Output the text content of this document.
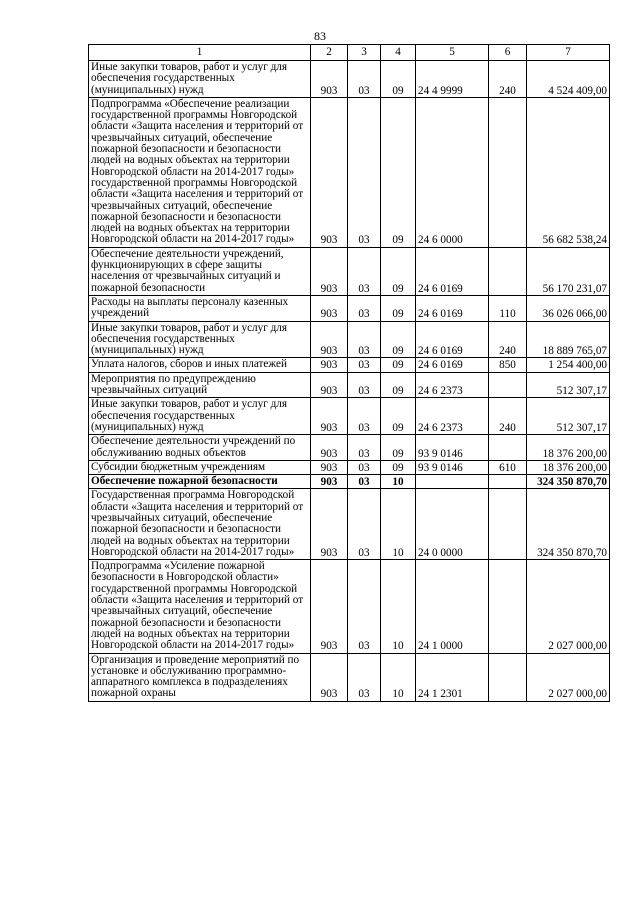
83
1	2	3	4	5	6	7

Иные закупки товаров, работ и услуг для обеспечения государственных (муниципальных) нужд	903	03	09	24 4 9999	240	4 524 409,00

Подпрограмма «Обеспечение реализации государственной программы Новгородской области «Защита населения и территорий от чрезвычайных ситуаций, обеспечение пожарной безопасности и безопасности людей на водных объектах на территории Новгородской области на 2014-2017 годы» государственной программы Новгородской области «Защита населения и территорий от чрезвычайных ситуаций, обеспечение пожарной безопасности и безопасности людей на водных объектах на территории Новгородской области на 2014-2017 годы»	903	03	09	24 6 0000		56 682 538,24

Обеспечение деятельности учреждений, функционирующих в сфере защиты населения от чрезвычайных ситуаций и пожарной безопасности	903	03	09	24 6 0169		56 170 231,07

Расходы на выплаты персоналу казенных учреждений	903	03	09	24 6 0169	110	36 026 066,00

Иные закупки товаров, работ и услуг для обеспечения государственных (муниципальных) нужд	903	03	09	24 6 0169	240	18 889 765,07

Уплата налогов, сборов и иных платежей	903	03	09	24 6 0169	850	1 254 400,00

Мероприятия по предупреждению чрезвычайных ситуаций	903	03	09	24 6 2373		512 307,17

Иные закупки товаров, работ и услуг для обеспечения государственных (муниципальных) нужд	903	03	09	24 6 2373	240	512 307,17

Обеспечение деятельности учреждений по обслуживанию водных объектов	903	03	09	93 9 0146		18 376 200,00

Субсидии бюджетным учреждениям	903	03	09	93 9 0146	610	18 376 200,00

Обеспечение пожарной безопасности	903	03	10			324 350 870,70

Государственная программа Новгородской области «Защита населения и территорий от чрезвычайных ситуаций, обеспечение пожарной безопасности и безопасности людей на водных объектах на территории Новгородской области на 2014-2017 годы»	903	03	10	24 0 0000		324 350 870,70

Подпрограмма «Усиление пожарной безопасности в Новгородской области» государственной программы Новгородской области «Защита населения и территорий от чрезвычайных ситуаций, обеспечение пожарной безопасности и безопасности людей на водных объектах на территории Новгородской области на 2014-2017 годы»	903	03	10	24 1 0000		2 027 000,00

Организация и проведение мероприятий по установке и обслуживанию программно-аппаратного комплекса в подразделениях пожарной охраны	903	03	10	24 1 2301		2 027 000,00
